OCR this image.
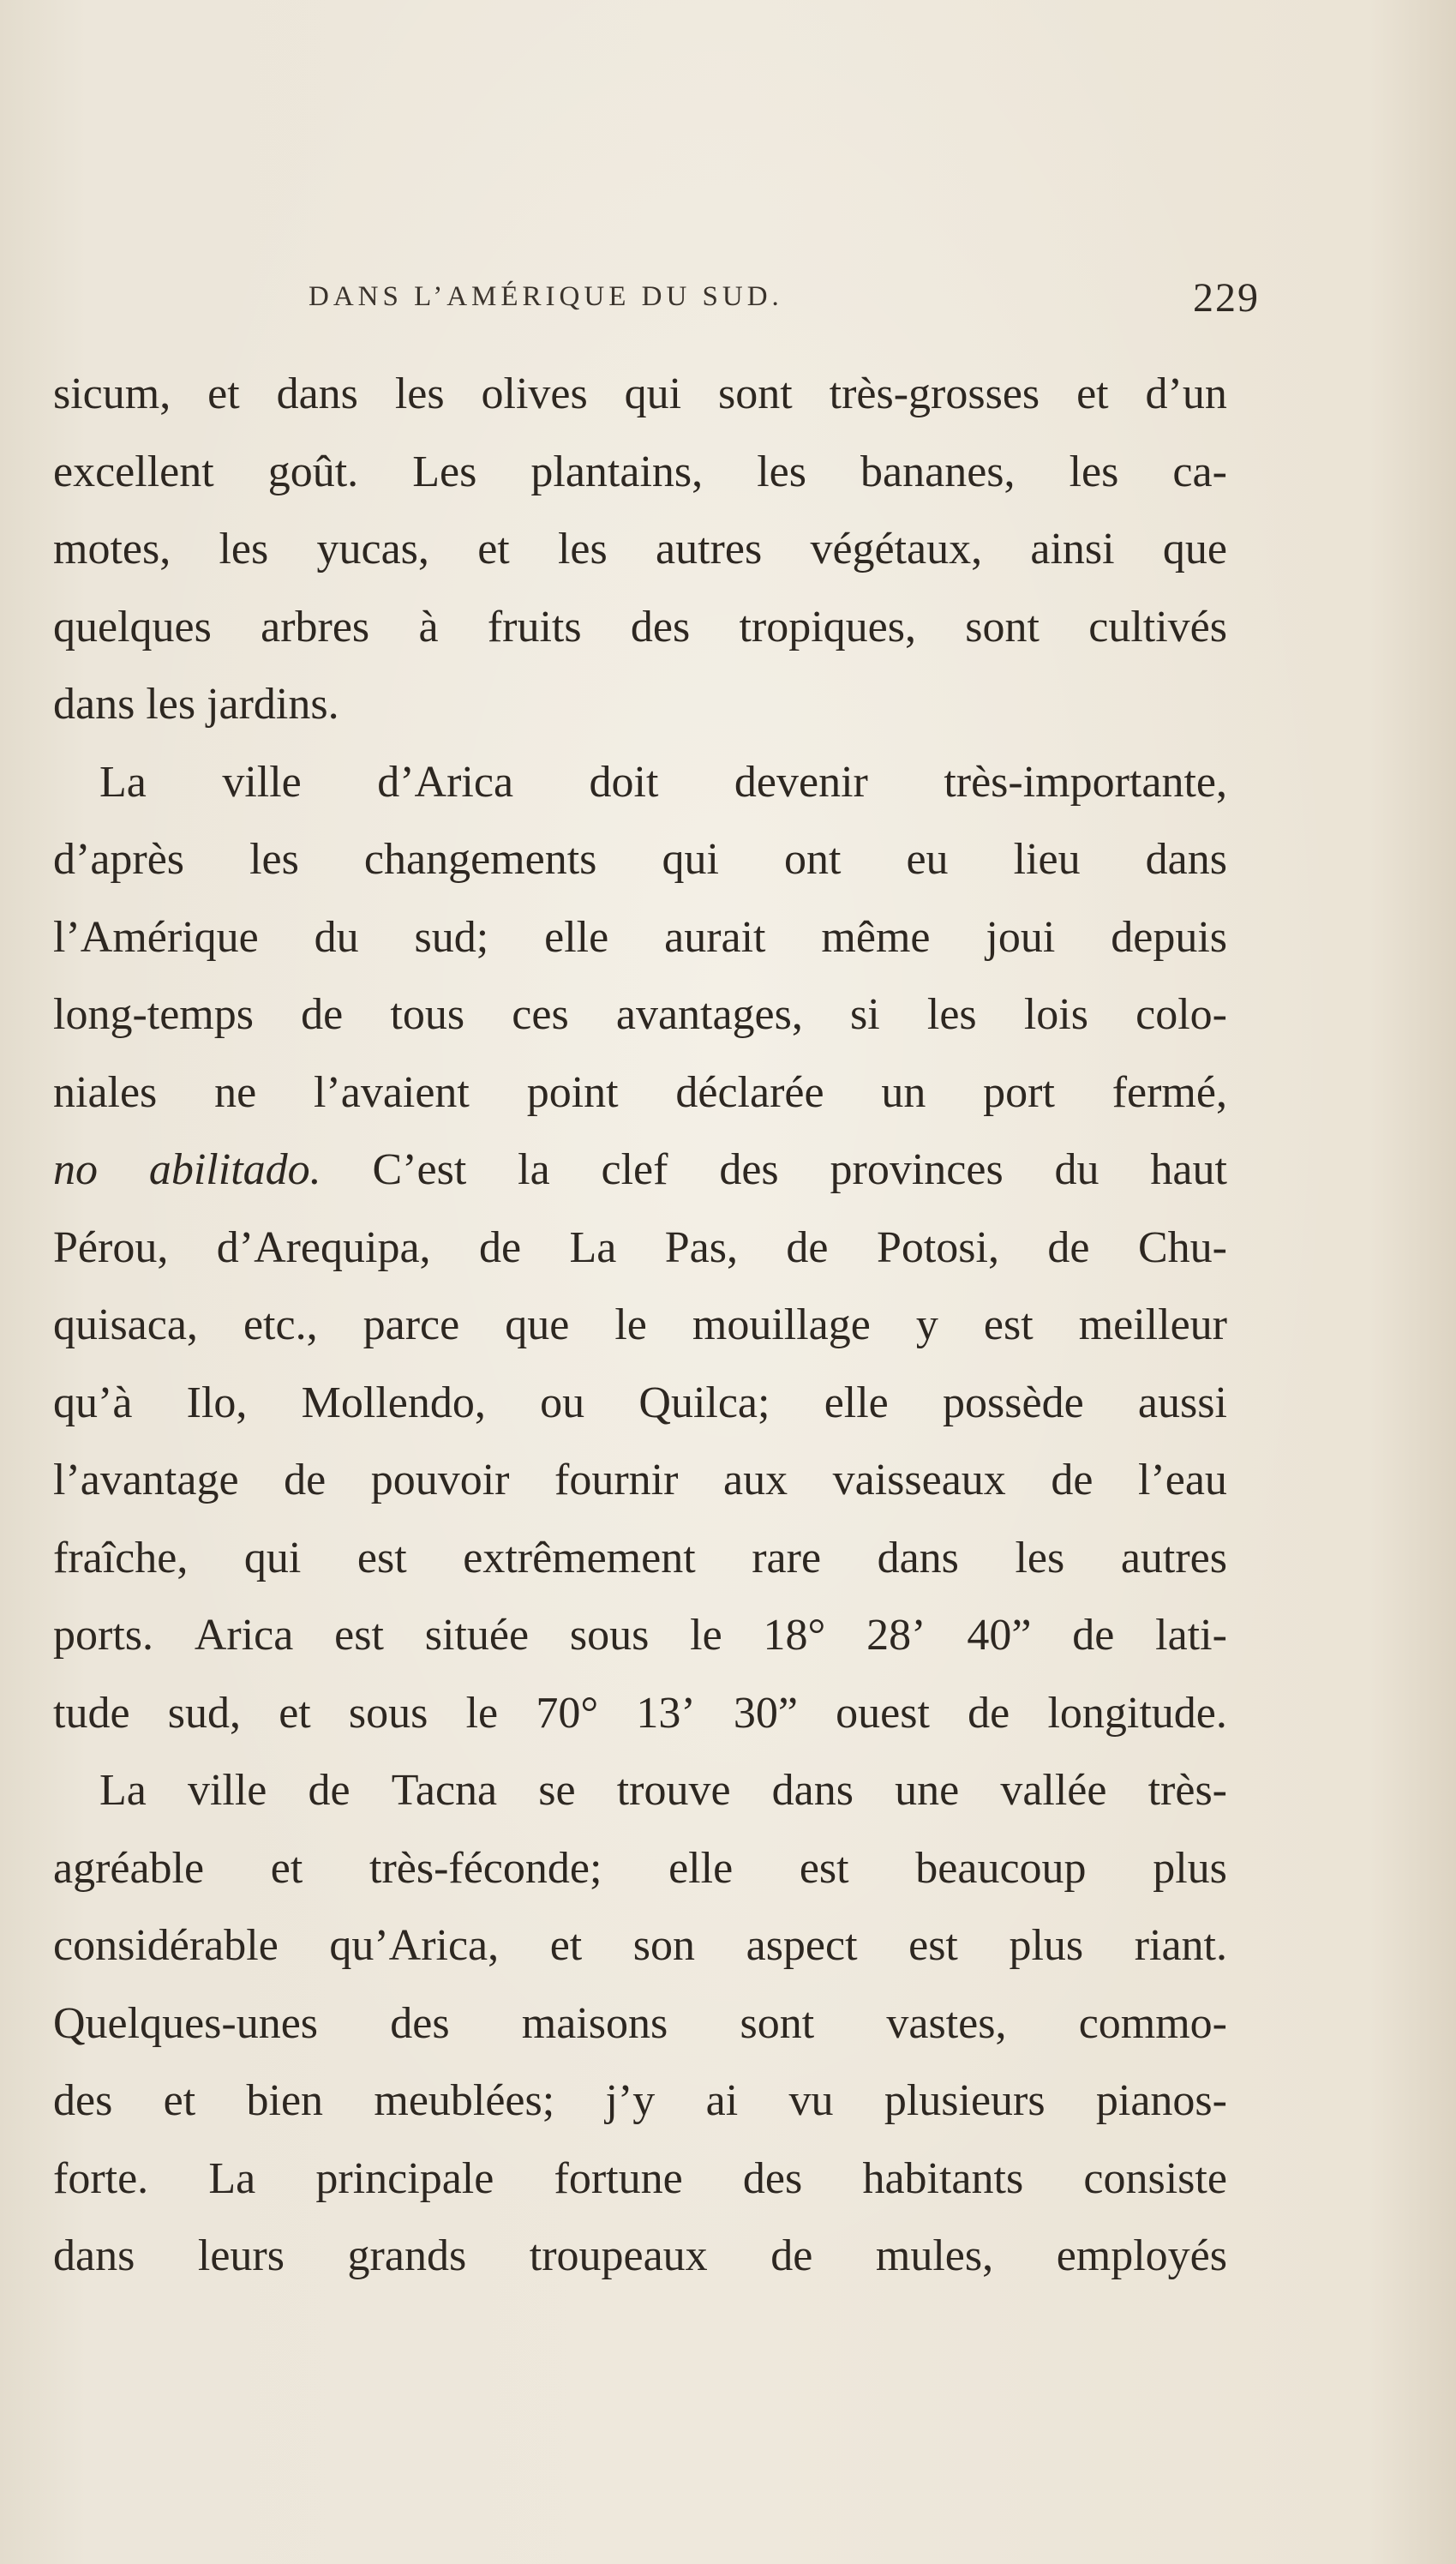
DANS L’AMÉRIQUE DU SUD.	229
sicum, et dans les olives qui sont très-grosses et d’un
excellent goût. Les plantains, les bananes, les ca-
motes, les yucas, et les autres végétaux, ainsi que
quelques arbres à fruits des tropiques, sont cultivés
dans les jardins.
La ville d’Arica doit devenir très-importante,
d’après les changements qui ont eu lieu dans
l’Amérique du sud; elle aurait même joui depuis
long-temps de tous ces avantages, si les lois colo-
niales ne l’avaient point déclarée un port fermé,
no abilitado. C’est la clef des provinces du haut
Pérou, d’Arequipa, de La Pas, de Potosi, de Chu-
quisaca, etc., parce que le mouillage y est meilleur
qu’à Ilo, Mollendo, ou Quilca; elle possède aussi
l’avantage de pouvoir fournir aux vaisseaux de l’eau
fraîche, qui est extrêmement rare dans les autres
ports. Arica est située sous le 18° 28’ 40” de lati-
tude sud, et sous le 70° 13’ 30” ouest de longitude.
La ville de Tacna se trouve dans une vallée très-
agréable et très-féconde; elle est beaucoup plus
considérable qu’Arica, et son aspect est plus riant.
Quelques-unes des maisons sont vastes, commo-
des et bien meublées; j’y ai vu plusieurs pianos-
forte. La principale fortune des habitants consiste
dans leurs grands troupeaux de mules, employés
